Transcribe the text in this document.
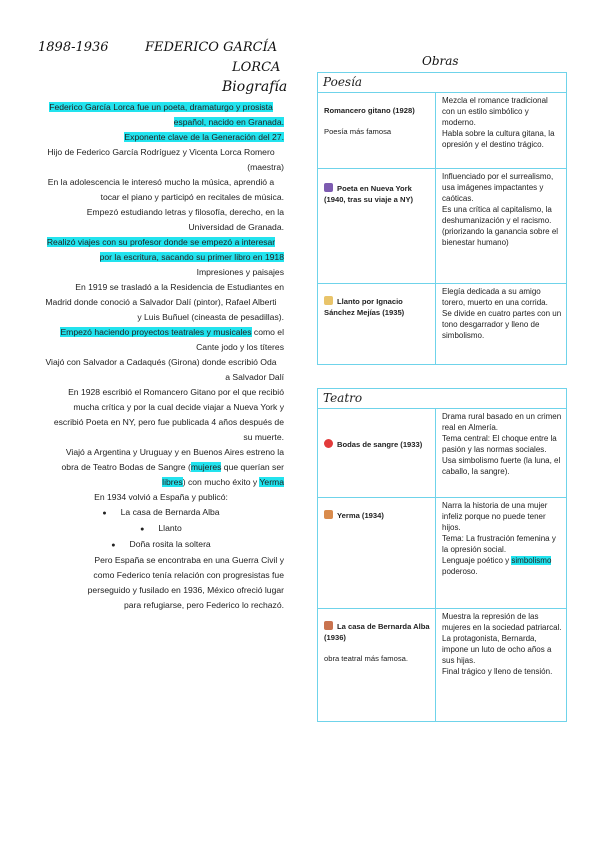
1898-1936	FEDERICO GARCÍA
LORCA
Biografía
Obras

Federico García Lorca fue un poeta, dramaturgo y prosista

español, nacido en Granada.

Exponente clave de la Generación del 27.

Hijo de Federico García Rodríguez y Vicenta Lorca Romero

(maestra)

En la adolescencia le interesó mucho la música, aprendió a

tocar el piano y participó en recitales de música.

Empezó estudiando letras y filosofía, derecho, en la

Universidad de Granada.

Realizó viajes con su profesor donde se empezó a interesar

por la escritura, sacando su primer libro en 1918

Impresiones y paisajes

En 1919 se trasladó a la Residencia de Estudiantes en

Madrid donde conoció a Salvador Dalí (pintor), Rafael Alberti

y Luis Buñuel (cineasta de pesadillas).

Empezó haciendo proyectos teatrales y musicales como el

Cante jodo y los títeres

Viajó con Salvador a Cadaqués (Girona) donde escribió Oda

a Salvador Dalí

En 1928 escribió el Romancero Gitano por el que recibió

mucha crítica y por la cual decide viajar a Nueva York y

escribió Poeta en NY, pero fue publicada 4 años después de

su muerte.

Viajó a Argentina y Uruguay y en Buenos Aires estreno la

obra de Teatro Bodas de Sangre (mujeres que querían ser

libres) con mucho éxito y Yerma

En 1934 volvió a España y publicó:

● La casa de Bernarda Alba
● Llanto
● Doña rosita la soltera

Pero España se encontraba en una Guerra Civil y

como Federico tenía relación con progresistas fue

perseguido y fusilado en 1936, México ofreció lugar

para refugiarse, pero Federico lo rechazó.

Poesía
Romancero gitano (1928)
Poesía más famosa

Mezcla el romance tradicional con un estilo simbólico y moderno.

Habla sobre la cultura gitana, la opresión y el destino trágico.

Poeta en Nueva York (1940, tras su viaje a NY)

Influenciado por el surrealismo, usa imágenes impactantes y caóticas.

Es una crítica al capitalismo, la deshumanización y el racismo. (priorizando la ganancia sobre el bienestar humano)

Llanto por Ignacio Sánchez Mejías (1935)

Elegía dedicada a su amigo torero, muerto en una corrida.

Se divide en cuatro partes con un tono desgarrador y lleno de simbolismo.

Teatro
Bodas de sangre (1933)

Drama rural basado en un crimen real en Almería.

Tema central: El choque entre la pasión y las normas sociales.

Usa simbolismo fuerte (la luna, el caballo, la sangre).

Yerma (1934)

Narra la historia de una mujer infeliz porque no puede tener hijos.

Tema: La frustración femenina y la opresión social.

Lenguaje poético y simbolismo poderoso.

La casa de Bernarda Alba (1936)
obra teatral más famosa.

Muestra la represión de las mujeres en la sociedad patriarcal.

La protagonista, Bernarda, impone un luto de ocho años a sus hijas.

Final trágico y lleno de tensión.
